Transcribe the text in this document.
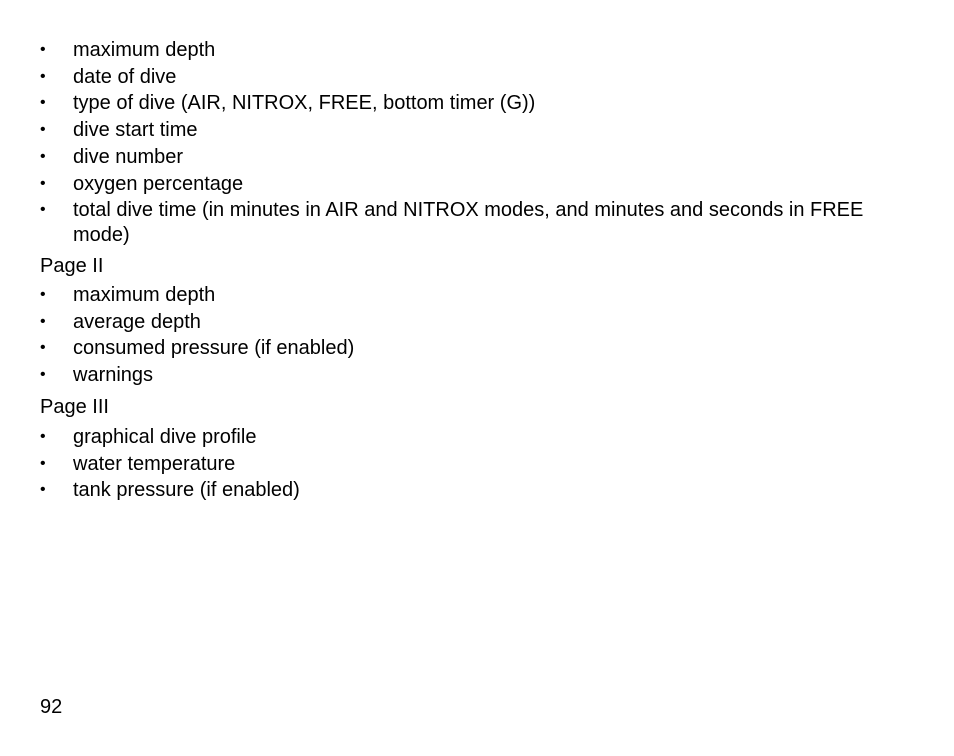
• maximum depth
• date of dive
• type of dive (AIR, NITROX, FREE, bottom timer (G))
• dive start time
• dive number
• oxygen percentage
• total dive time (in minutes in AIR and NITROX modes, and minutes and seconds in FREE mode)
Page II
• maximum depth
• average depth
• consumed pressure (if enabled)
• warnings
Page III
• graphical dive profile
• water temperature
• tank pressure (if enabled)
92
